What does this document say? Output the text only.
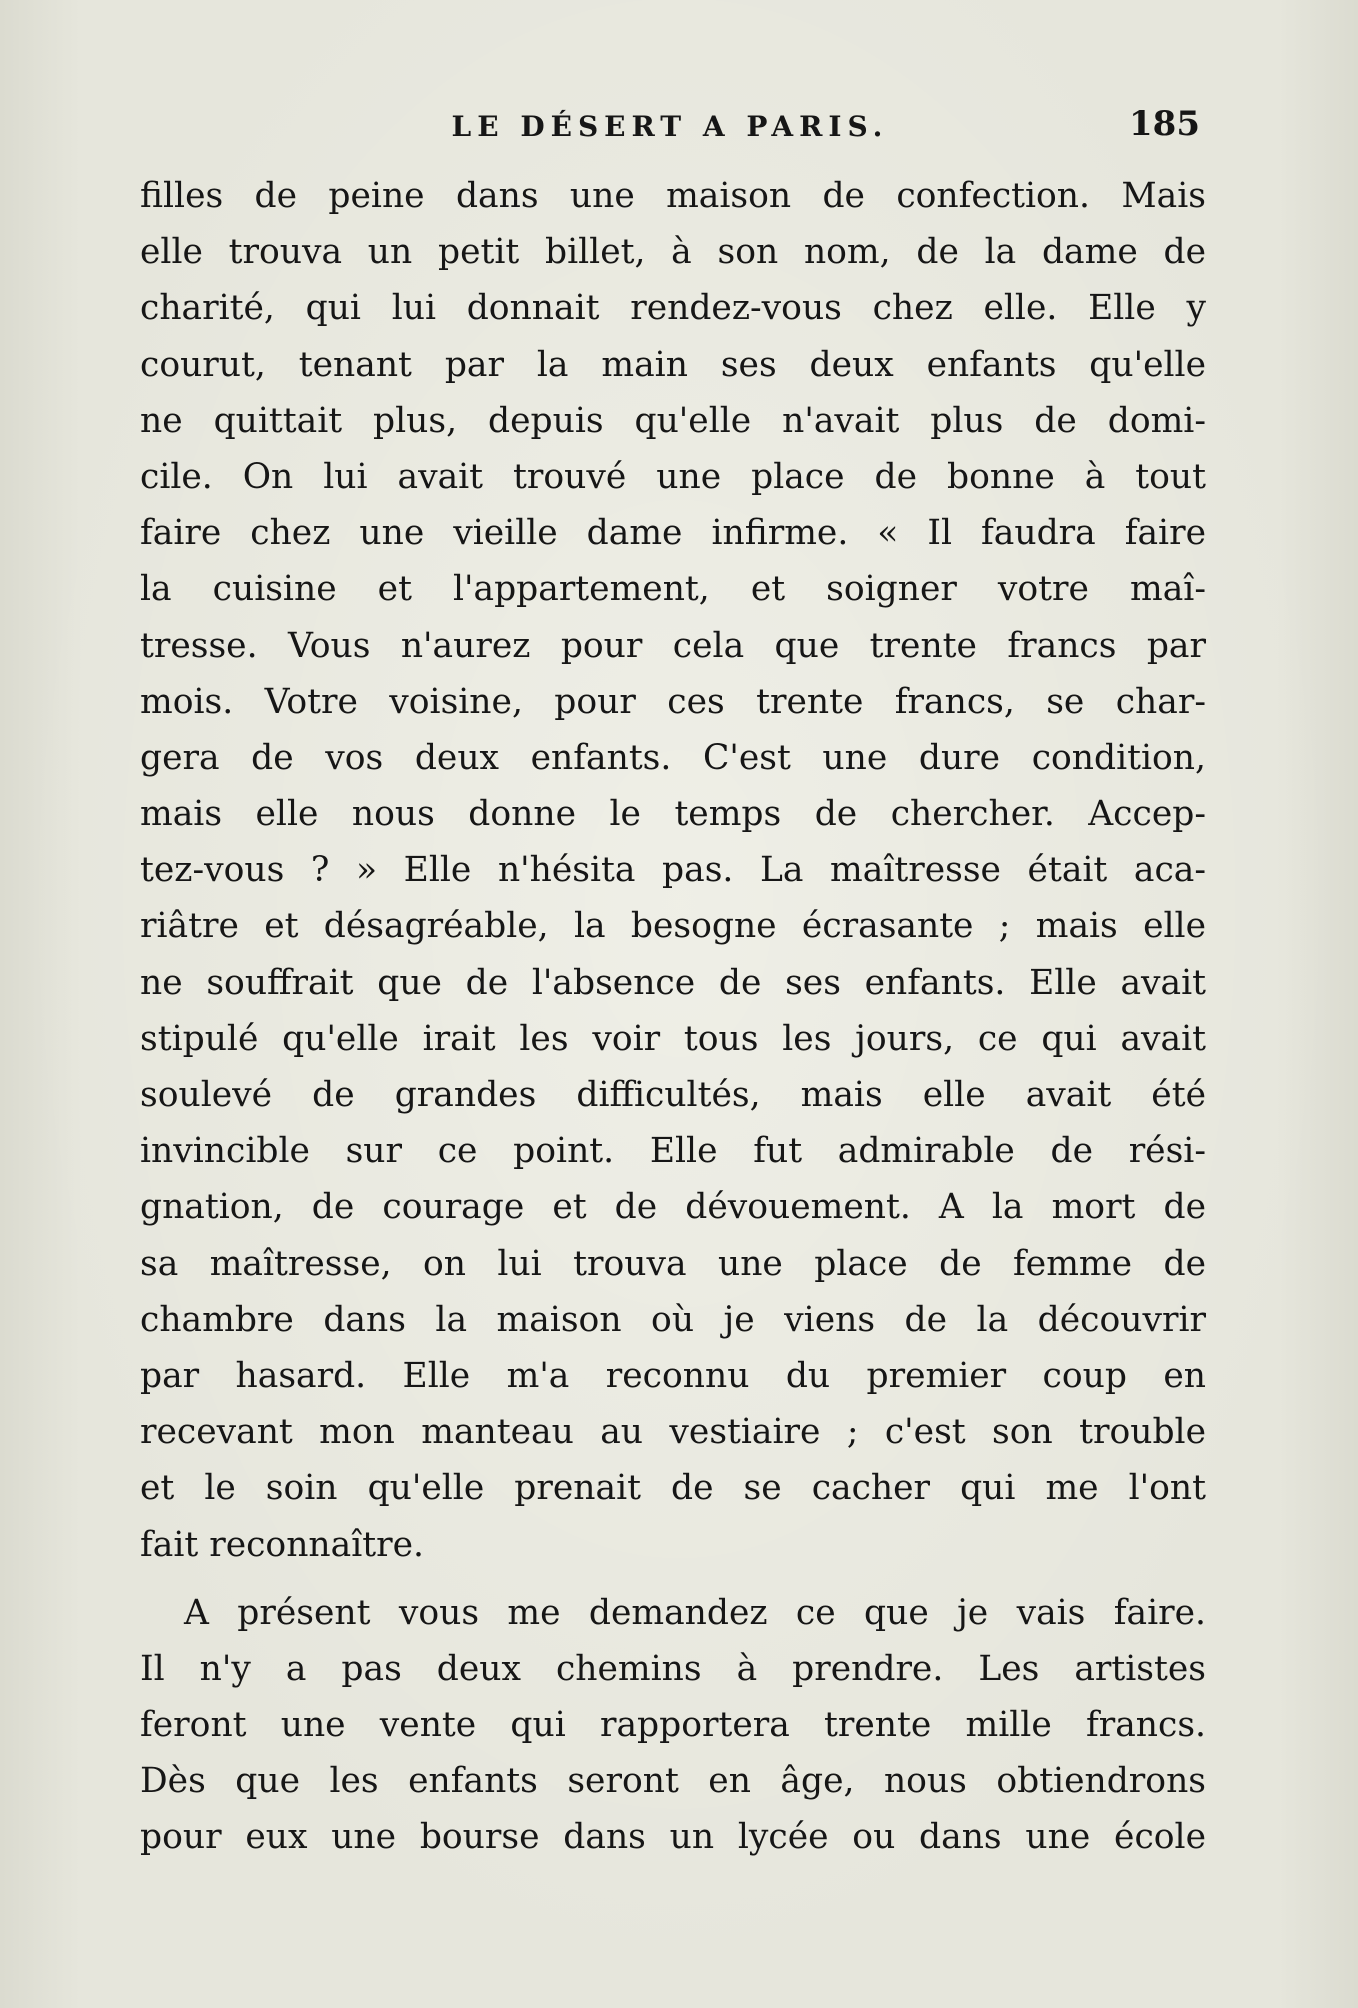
LE DÉSERT A PARIS.	185
filles de peine dans une maison de confection. Mais
elle trouva un petit billet, à son nom, de la dame de
charité, qui lui donnait rendez-vous chez elle. Elle y
courut, tenant par la main ses deux enfants qu'elle
ne quittait plus, depuis qu'elle n'avait plus de domi-
cile. On lui avait trouvé une place de bonne à tout
faire chez une vieille dame infirme. « Il faudra faire
la cuisine et l'appartement, et soigner votre maî-
tresse. Vous n'aurez pour cela que trente francs par
mois. Votre voisine, pour ces trente francs, se char-
gera de vos deux enfants. C'est une dure condition,
mais elle nous donne le temps de chercher. Accep-
tez-vous ? » Elle n'hésita pas. La maîtresse était aca-
riâtre et désagréable, la besogne écrasante ; mais elle
ne souffrait que de l'absence de ses enfants. Elle avait
stipulé qu'elle irait les voir tous les jours, ce qui avait
soulevé de grandes difficultés, mais elle avait été
invincible sur ce point. Elle fut admirable de rési-
gnation, de courage et de dévouement. A la mort de
sa maîtresse, on lui trouva une place de femme de
chambre dans la maison où je viens de la découvrir
par hasard. Elle m'a reconnu du premier coup en
recevant mon manteau au vestiaire ; c'est son trouble
et le soin qu'elle prenait de se cacher qui me l'ont
fait reconnaître.
A présent vous me demandez ce que je vais faire.
Il n'y a pas deux chemins à prendre. Les artistes
feront une vente qui rapportera trente mille francs.
Dès que les enfants seront en âge, nous obtiendrons
pour eux une bourse dans un lycée ou dans une école
